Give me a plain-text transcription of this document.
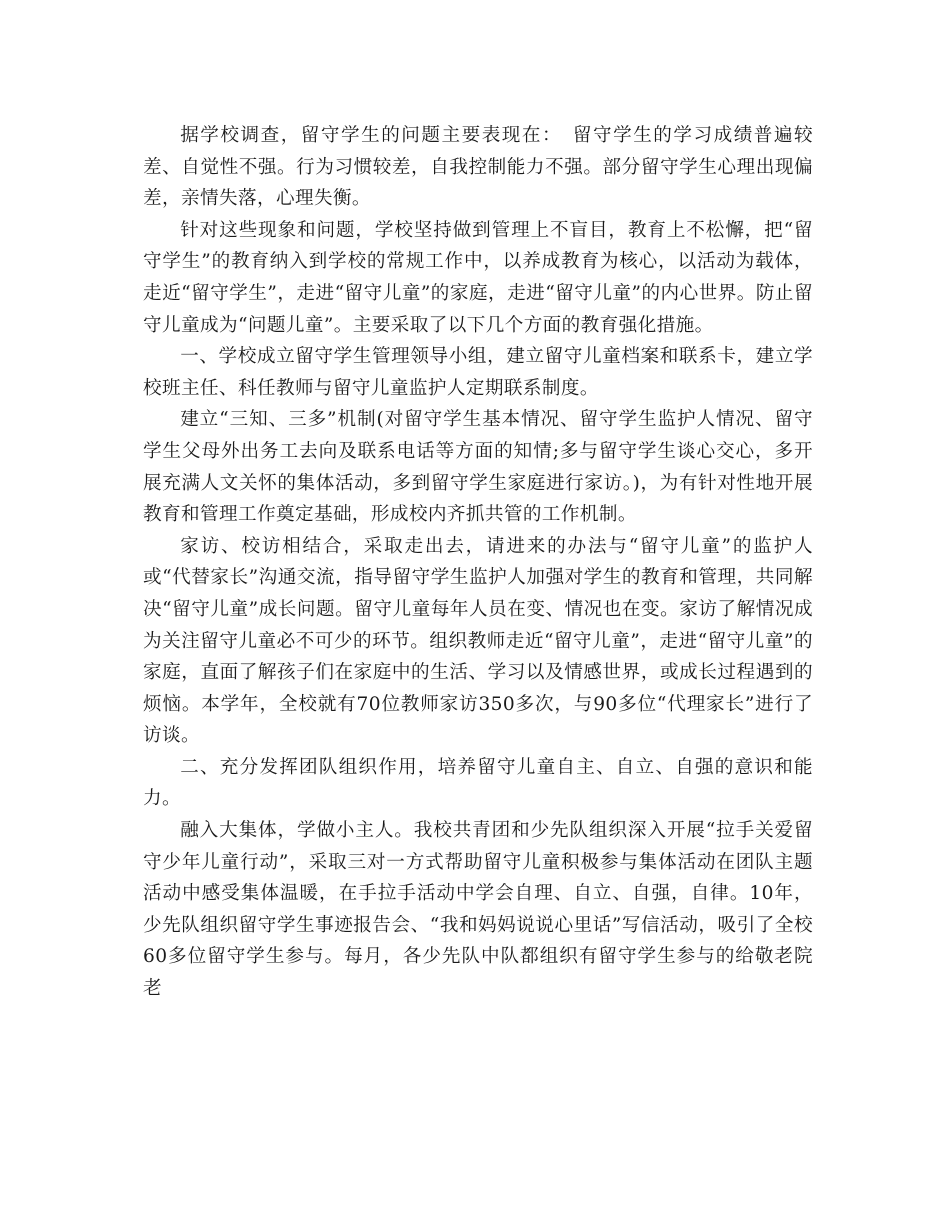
据学校调查，留守学生的问题主要表现在：　留守学生的学习成绩普遍较差、自觉性不强。行为习惯较差，自我控制能力不强。部分留守学生心理出现偏差，亲情失落，心理失衡。

针对这些现象和问题，学校坚持做到管理上不盲目，教育上不松懈，把“留守学生”的教育纳入到学校的常规工作中，以养成教育为核心，以活动为载体，走近“留守学生”，走进“留守儿童”的家庭，走进“留守儿童”的内心世界。防止留守儿童成为“问题儿童”。主要采取了以下几个方面的教育强化措施。

一、学校成立留守学生管理领导小组，建立留守儿童档案和联系卡，建立学校班主任、科任教师与留守儿童监护人定期联系制度。

建立“三知、三多”机制(对留守学生基本情况、留守学生监护人情况、留守学生父母外出务工去向及联系电话等方面的知情;多与留守学生谈心交心，多开展充满人文关怀的集体活动，多到留守学生家庭进行家访。)，为有针对性地开展教育和管理工作奠定基础，形成校内齐抓共管的工作机制。

家访、校访相结合，采取走出去，请进来的办法与“留守儿童”的监护人或“代替家长”沟通交流，指导留守学生监护人加强对学生的教育和管理，共同解决“留守儿童”成长问题。留守儿童每年人员在变、情况也在变。家访了解情况成为关注留守儿童必不可少的环节。组织教师走近“留守儿童”，走进“留守儿童”的家庭，直面了解孩子们在家庭中的生活、学习以及情感世界，或成长过程遇到的烦恼。本学年，全校就有70位教师家访350多次，与90多位“代理家长”进行了访谈。

二、充分发挥团队组织作用，培养留守儿童自主、自立、自强的意识和能力。

融入大集体，学做小主人。我校共青团和少先队组织深入开展“拉手关爱留守少年儿童行动”，采取三对一方式帮助留守儿童积极参与集体活动在团队主题活动中感受集体温暖，在手拉手活动中学会自理、自立、自强，自律。10年，少先队组织留守学生事迹报告会、“我和妈妈说说心里话”写信活动，吸引了全校60多位留守学生参与。每月，各少先队中队都组织有留守学生参与的给敬老院老
